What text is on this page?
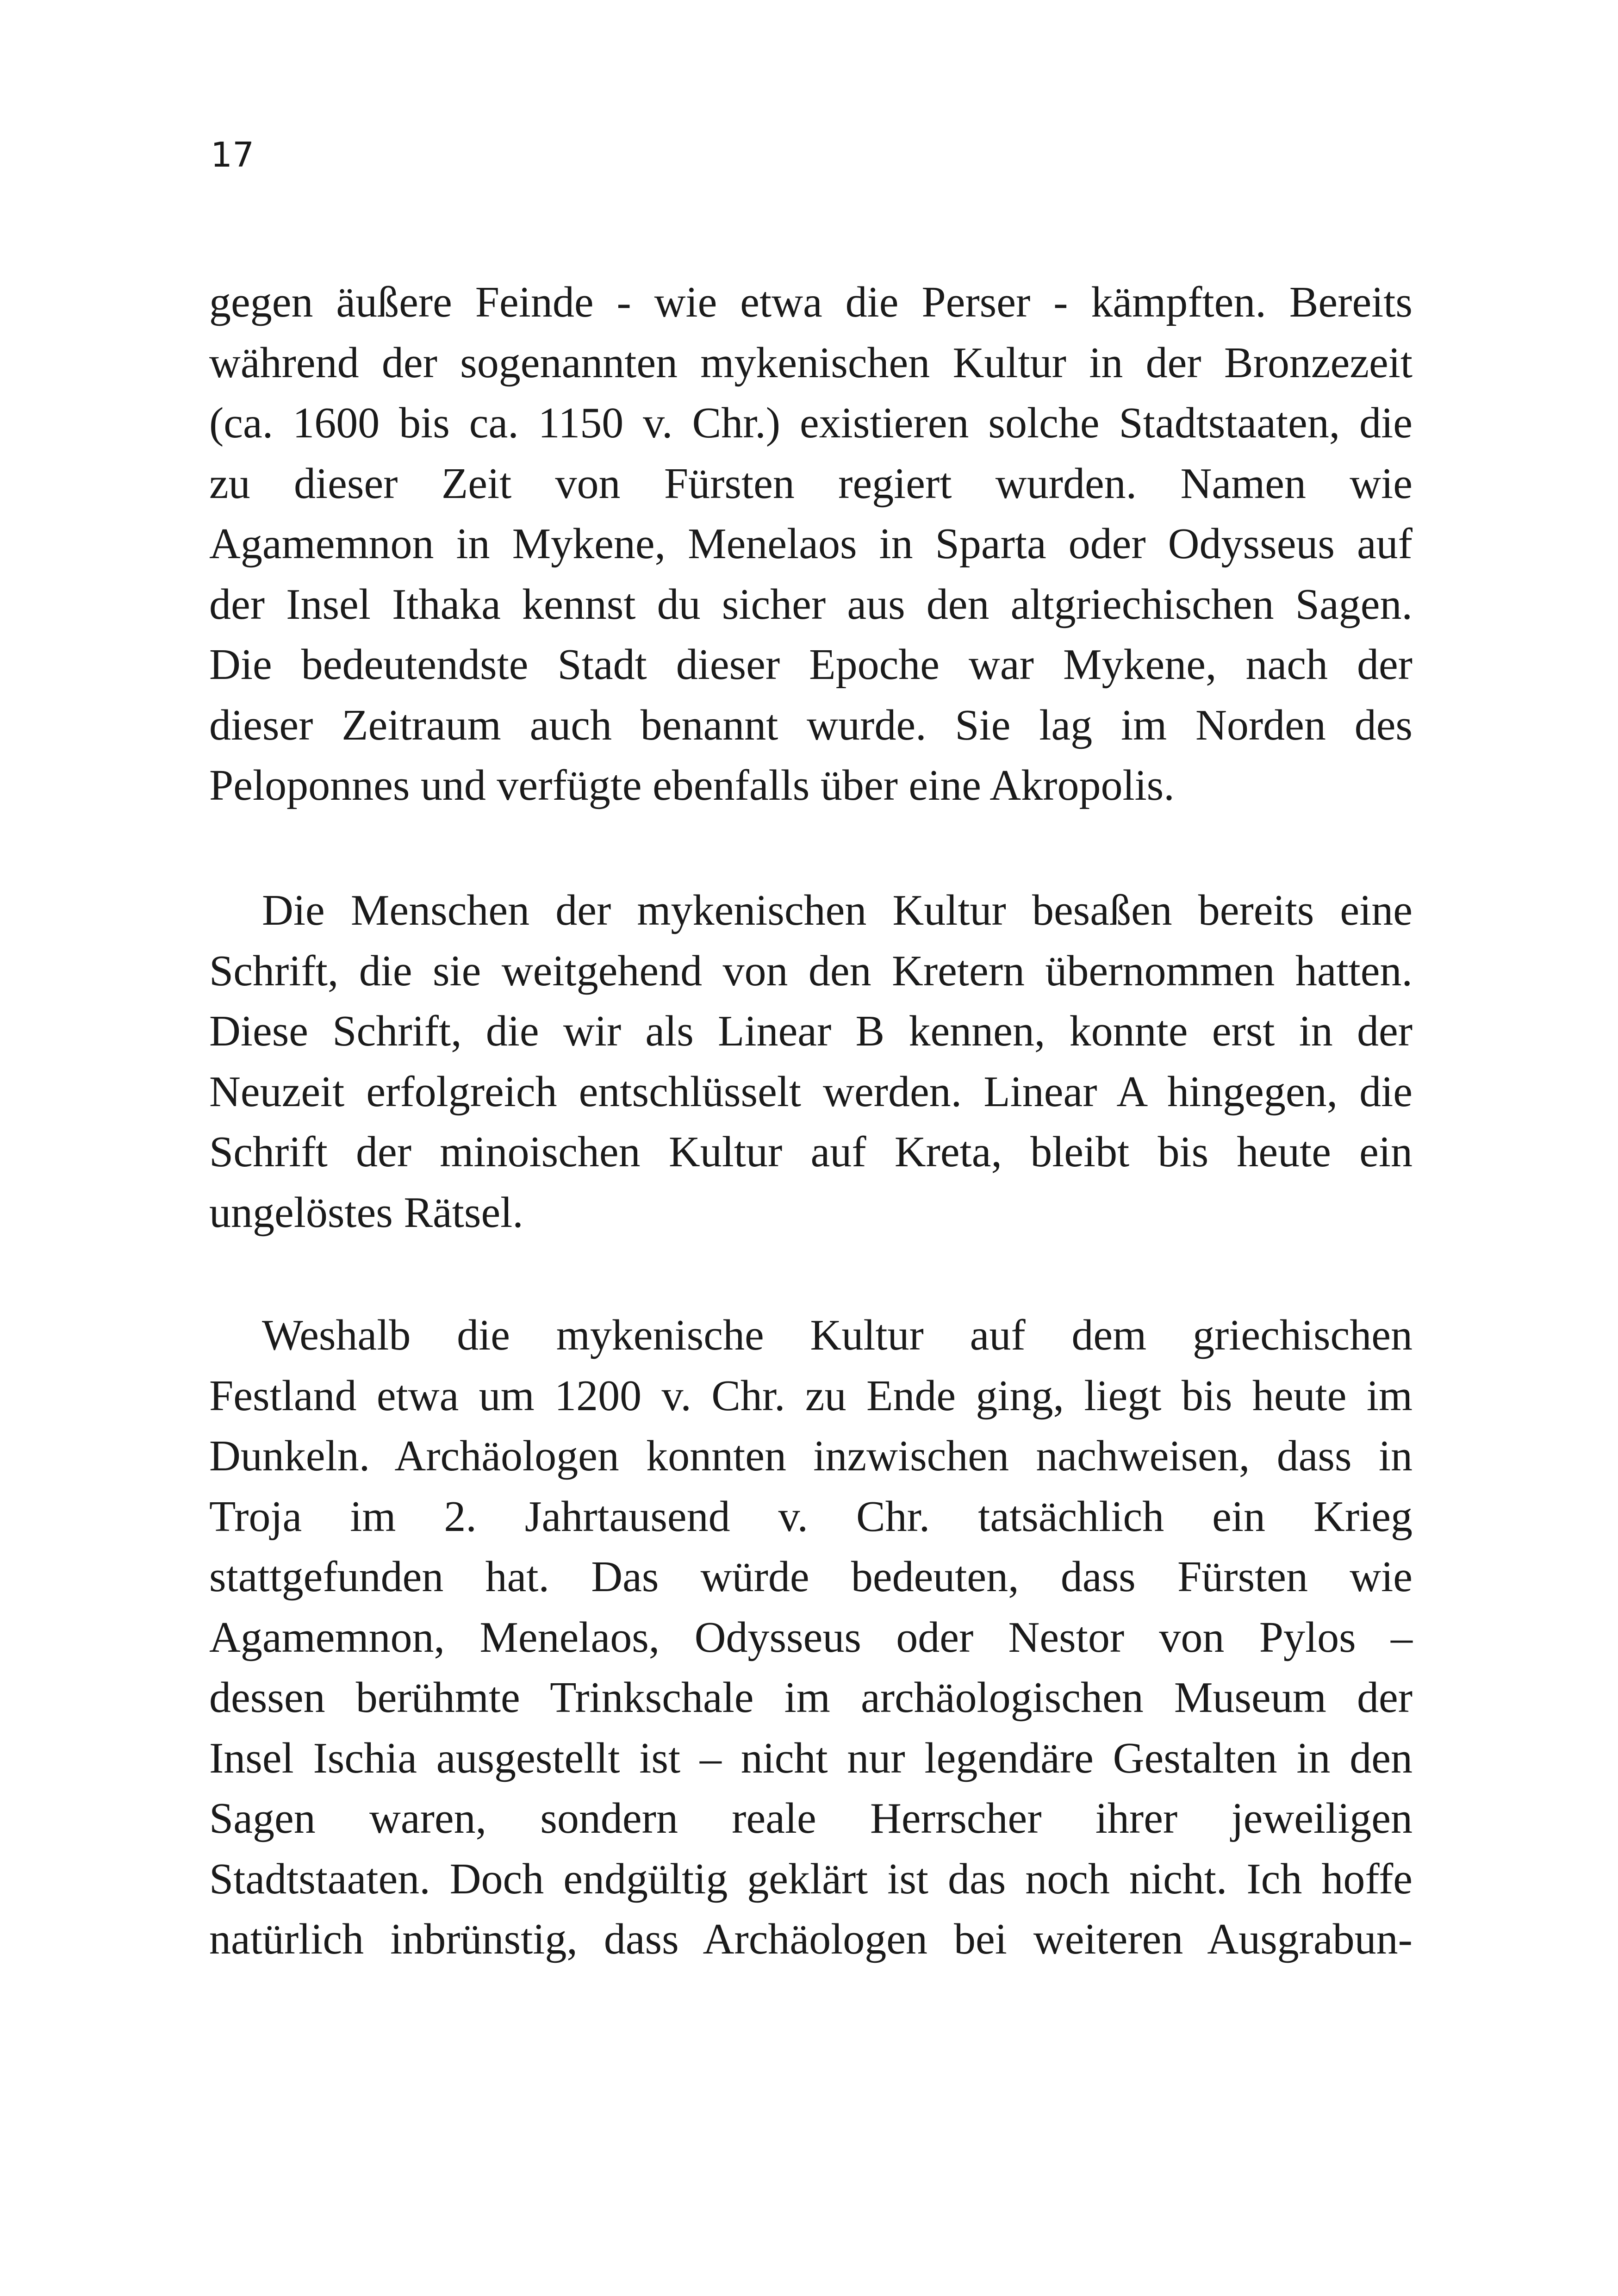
17
gegen äußere Feinde - wie etwa die Perser - kämpften. Bereits
während der sogenannten mykenischen Kultur in der Bronzezeit
(ca. 1600 bis ca. 1150 v. Chr.) existieren solche Stadtstaaten, die
zu dieser Zeit von Fürsten regiert wurden. Namen wie
Agamemnon in Mykene, Menelaos in Sparta oder Odysseus auf
der Insel Ithaka kennst du sicher aus den altgriechischen Sagen.
Die bedeutendste Stadt dieser Epoche war Mykene, nach der
dieser Zeitraum auch benannt wurde. Sie lag im Norden des
Peloponnes und verfügte ebenfalls über eine Akropolis.
Die Menschen der mykenischen Kultur besaßen bereits eine
Schrift, die sie weitgehend von den Kretern übernommen hatten.
Diese Schrift, die wir als Linear B kennen, konnte erst in der
Neuzeit erfolgreich entschlüsselt werden. Linear A hingegen, die
Schrift der minoischen Kultur auf Kreta, bleibt bis heute ein
ungelöstes Rätsel.
Weshalb die mykenische Kultur auf dem griechischen
Festland etwa um 1200 v. Chr. zu Ende ging, liegt bis heute im
Dunkeln. Archäologen konnten inzwischen nachweisen, dass in
Troja im 2. Jahrtausend v. Chr. tatsächlich ein Krieg
stattgefunden hat. Das würde bedeuten, dass Fürsten wie
Agamemnon, Menelaos, Odysseus oder Nestor von Pylos –
dessen berühmte Trinkschale im archäologischen Museum der
Insel Ischia ausgestellt ist – nicht nur legendäre Gestalten in den
Sagen waren, sondern reale Herrscher ihrer jeweiligen
Stadtstaaten. Doch endgültig geklärt ist das noch nicht. Ich hoffe
natürlich inbrünstig, dass Archäologen bei weiteren Ausgrabun-
